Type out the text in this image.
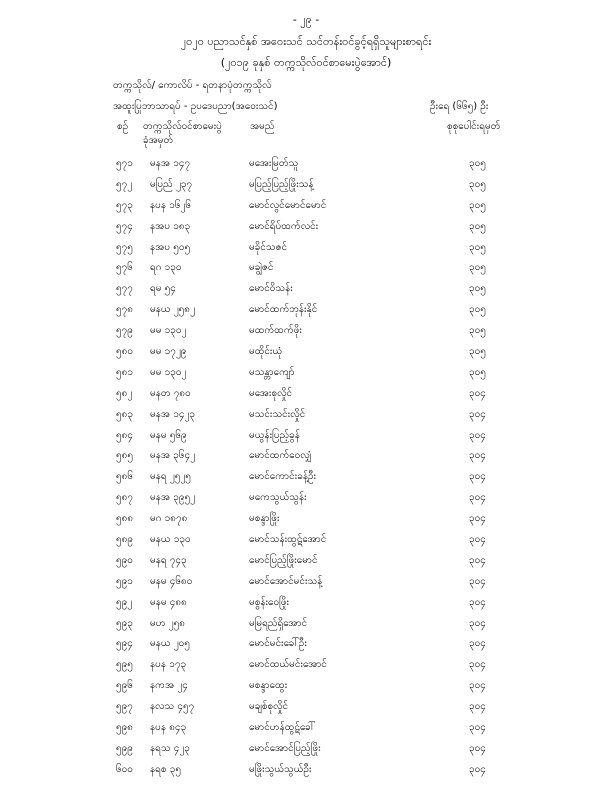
- ၂၉ -
၂၀၂၀ ပညာသင်နှစ် အဝေးသင် သင်တန်းဝင်ခွင့်ရရှိသူများစာရင်း
(၂၀၁၉ ခုနှစ် တက္ကသိုလ်ဝင်စာမေးပွဲအောင်)
တက္ကသိုလ်/ ကောလိပ် - ရတနာပုံတက္ကသိုလ်
အထူးပြုဘာသာရပ် - ဥပဒေပညာ(အဝေးသင်)	ဦးရေ (၆၆၅) ဦး
စဉ် တက္ကသိုလ်ဝင်စာမေးပွဲ
ခုံအမှတ်
အမည်	စုစုပေါင်းရမှတ်
၅၇၁ မနအ ၁၄၇	မအေးမြတ်သူ	၃၀၅
၅၇၂ မပြည် ၂၃၇	မပြည့်ပြည့်ဖြိုးသန့်	၃၀၅
၅၇၃ နပန ၁၆၂၆	မောင်လွင်မောင်မောင်	၃၀၅
၅၇၄ နအပ ၁၈၃	မောင်ရိပ်ထက်လင်း	၃၀၅
၅၇၅ နအပ ၅၀၅	မခိုင်သဇင်	၃၀၅
၅၇၆ ရဂ ၁၃၀	မချွဲဇင်	၃၀၅
၅၇၇ ရမ ၅၄	မောင်ဝိသန်း	၃၀၅
၅၇၈ မနယ ၂၅၈၂	မောင်ထက်ဘုန်းနိုင်	၃၀၅
၅၇၉ မမ ၁၃၀၂	မထက်ထက်ဖိုး	၃၀၅
၅၈၀ မမ ၁၇၂၉	မထိုင်းယုံ	၃၀၅
၅၈၁ မမ ၁၃၀၂	မသန္တာကျော်	၃၀၅
၅၈၂ မနတ ၇၈၀	မအေးစုလှိုင်	၃၀၄
၅၈၃ မနအ ၁၄၂၃	မသင်းသင်းလှိုင်	၃၀၄
၅၈၄ မနမ ၅၆၉	မယွန်းပြည့်ခွန်	၃၀၄
၅၈၅ မနအ ၃၆၄၂	မောင်ထက်ဝေလျှံ	၃၀၄
၅၈၆ မနရ ၂၅၂၅	မောင်ကောင်းခန့်ဦး	၃၀၄
၅၈၇ မနအ ၃၉၅၂	မကေသွယ်သွန်း	၃၀၄
၅၈၈ မဂ ၁၈၇၈	မစန္ဒာဖြိုး	၃၀၄
၅၈၉ မနယ ၁၃၀	မောင်သန်းထွဋ်အောင်	၃၀၄
၅၉၀ မနရ ၇၄၃	မောင်ပြည့်ဖြိုးမောင်	၃၀၄
၅၉၁ မနမ ၄၆၈၀	မောင်အောင်မင်းသန့်	၃၀၄
၅၉၂ မနမ ၄၈၈	မစွန်းဝေဖြိုး	၃၀၄
၅၉၃ မဟ ၂၅၈	မမြရည်ရှိအောင်	၃၀၄
၅၉၄ မနယ ၂၀၅	မောင်မင်းခေါ်ဦး	၃၀၄
၅၉၅ နပန ၁၇၃	မောင်ထယ်မင်းအောင်	၃၀၄
၅၉၆ နကအ ၂၄	မစန္ဒာထွေး	၃၀၄
၅၉၇ နလသ ၄၅၇	မချစ်စုလှိုင်	၃၀၄
၅၉၈ နပန ၈၄၃	မောင်ဟန်ထွဋ်ခေါ်	၃၀၄
၅၉၉ နရသ ၄၂၃	မောင်အောင်ပြည့်ဖြိုး	၃၀၄
၆၀၀ နရစ ၃၅	မဖြိုးသွယ်သွယ်ဦး	၃၀၄
